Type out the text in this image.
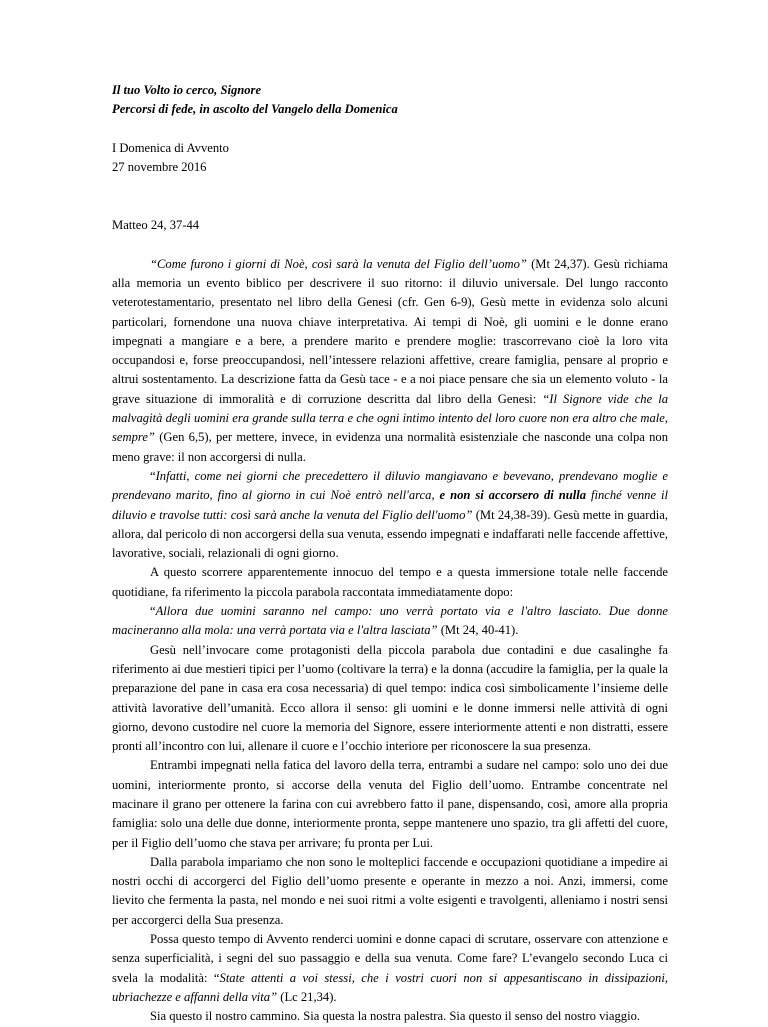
Il tuo Volto io cerco, Signore

Percorsi di fede, in ascolto del Vangelo della Domenica

I Domenica di Avvento

27 novembre 2016

Matteo 24, 37-44

“Come furono i giorni di Noè, così sarà la venuta del Figlio dell’uomo” (Mt 24,37). Gesù richiama alla memoria un evento biblico per descrivere il suo ritorno: il diluvio universale. Del lungo racconto veterotestamentario, presentato nel libro della Genesi (cfr. Gen 6-9), Gesù mette in evidenza solo alcuni particolari, fornendone una nuova chiave interpretativa. Ai tempi di Noè, gli uomini e le donne erano impegnati a mangiare e a bere, a prendere marito e prendere moglie: trascorrevano cioè la loro vita occupandosi e, forse preoccupandosi, nell’intessere relazioni affettive, creare famiglia, pensare al proprio e altrui sostentamento. La descrizione fatta da Gesù tace - e a noi piace pensare che sia un elemento voluto - la grave situazione di immoralità e di corruzione descritta dal libro della Genesi: “Il Signore vide che la malvagità degli uomini era grande sulla terra e che ogni intimo intento del loro cuore non era altro che male, sempre” (Gen 6,5), per mettere, invece, in evidenza una normalità esistenziale che nasconde una colpa non meno grave: il non accorgersi di nulla.

“Infatti, come nei giorni che precedettero il diluvio mangiavano e bevevano, prendevano moglie e prendevano marito, fino al giorno in cui Noè entrò nell'arca, e non si accorsero di nulla finché venne il diluvio e travolse tutti: così sarà anche la venuta del Figlio dell'uomo” (Mt 24,38-39). Gesù mette in guardia, allora, dal pericolo di non accorgersi della sua venuta, essendo impegnati e indaffarati nelle faccende affettive, lavorative, sociali, relazionali di ogni giorno.

A questo scorrere apparentemente innocuo del tempo e a questa immersione totale nelle faccende quotidiane, fa riferimento la piccola parabola raccontata immediatamente dopo:

“Allora due uomini saranno nel campo: uno verrà portato via e l'altro lasciato. Due donne macineranno alla mola: una verrà portata via e l'altra lasciata” (Mt 24, 40-41).

Gesù nell’invocare come protagonisti della piccola parabola due contadini e due casalinghe fa riferimento ai due mestieri tipici per l’uomo (coltivare la terra) e la donna (accudire la famiglia, per la quale la preparazione del pane in casa era cosa necessaria) di quel tempo: indica così simbolicamente l’insieme delle attività lavorative dell’umanità. Ecco allora il senso: gli uomini e le donne immersi nelle attività di ogni giorno, devono custodire nel cuore la memoria del Signore, essere interiormente attenti e non distratti, essere pronti all’incontro con lui, allenare il cuore e l’occhio interiore per riconoscere la sua presenza.

Entrambi impegnati nella fatica del lavoro della terra, entrambi a sudare nel campo: solo uno dei due uomini, interiormente pronto, si accorse della venuta del Figlio dell’uomo. Entrambe concentrate nel macinare il grano per ottenere la farina con cui avrebbero fatto il pane, dispensando, così, amore alla propria famiglia: solo una delle due donne, interiormente pronta, seppe mantenere uno spazio, tra gli affetti del cuore, per il Figlio dell’uomo che stava per arrivare; fu pronta per Lui.

Dalla parabola impariamo che non sono le molteplici faccende e occupazioni quotidiane a impedire ai nostri occhi di accorgerci del Figlio dell’uomo presente e operante in mezzo a noi. Anzi, immersi, come lievito che fermenta la pasta, nel mondo e nei suoi ritmi a volte esigenti e travolgenti, alleniamo i nostri sensi per accorgerci della Sua presenza.

Possa questo tempo di Avvento renderci uomini e donne capaci di scrutare, osservare con attenzione e senza superficialità, i segni del suo passaggio e della sua venuta. Come fare? L’evangelo secondo Luca ci svela la modalità: “State attenti a voi stessi, che i vostri cuori non si appesantiscano in dissipazioni, ubriachezze e affanni della vita” (Lc 21,34).

Sia questo il nostro cammino. Sia questa la nostra palestra. Sia questo il senso del nostro viaggio.
